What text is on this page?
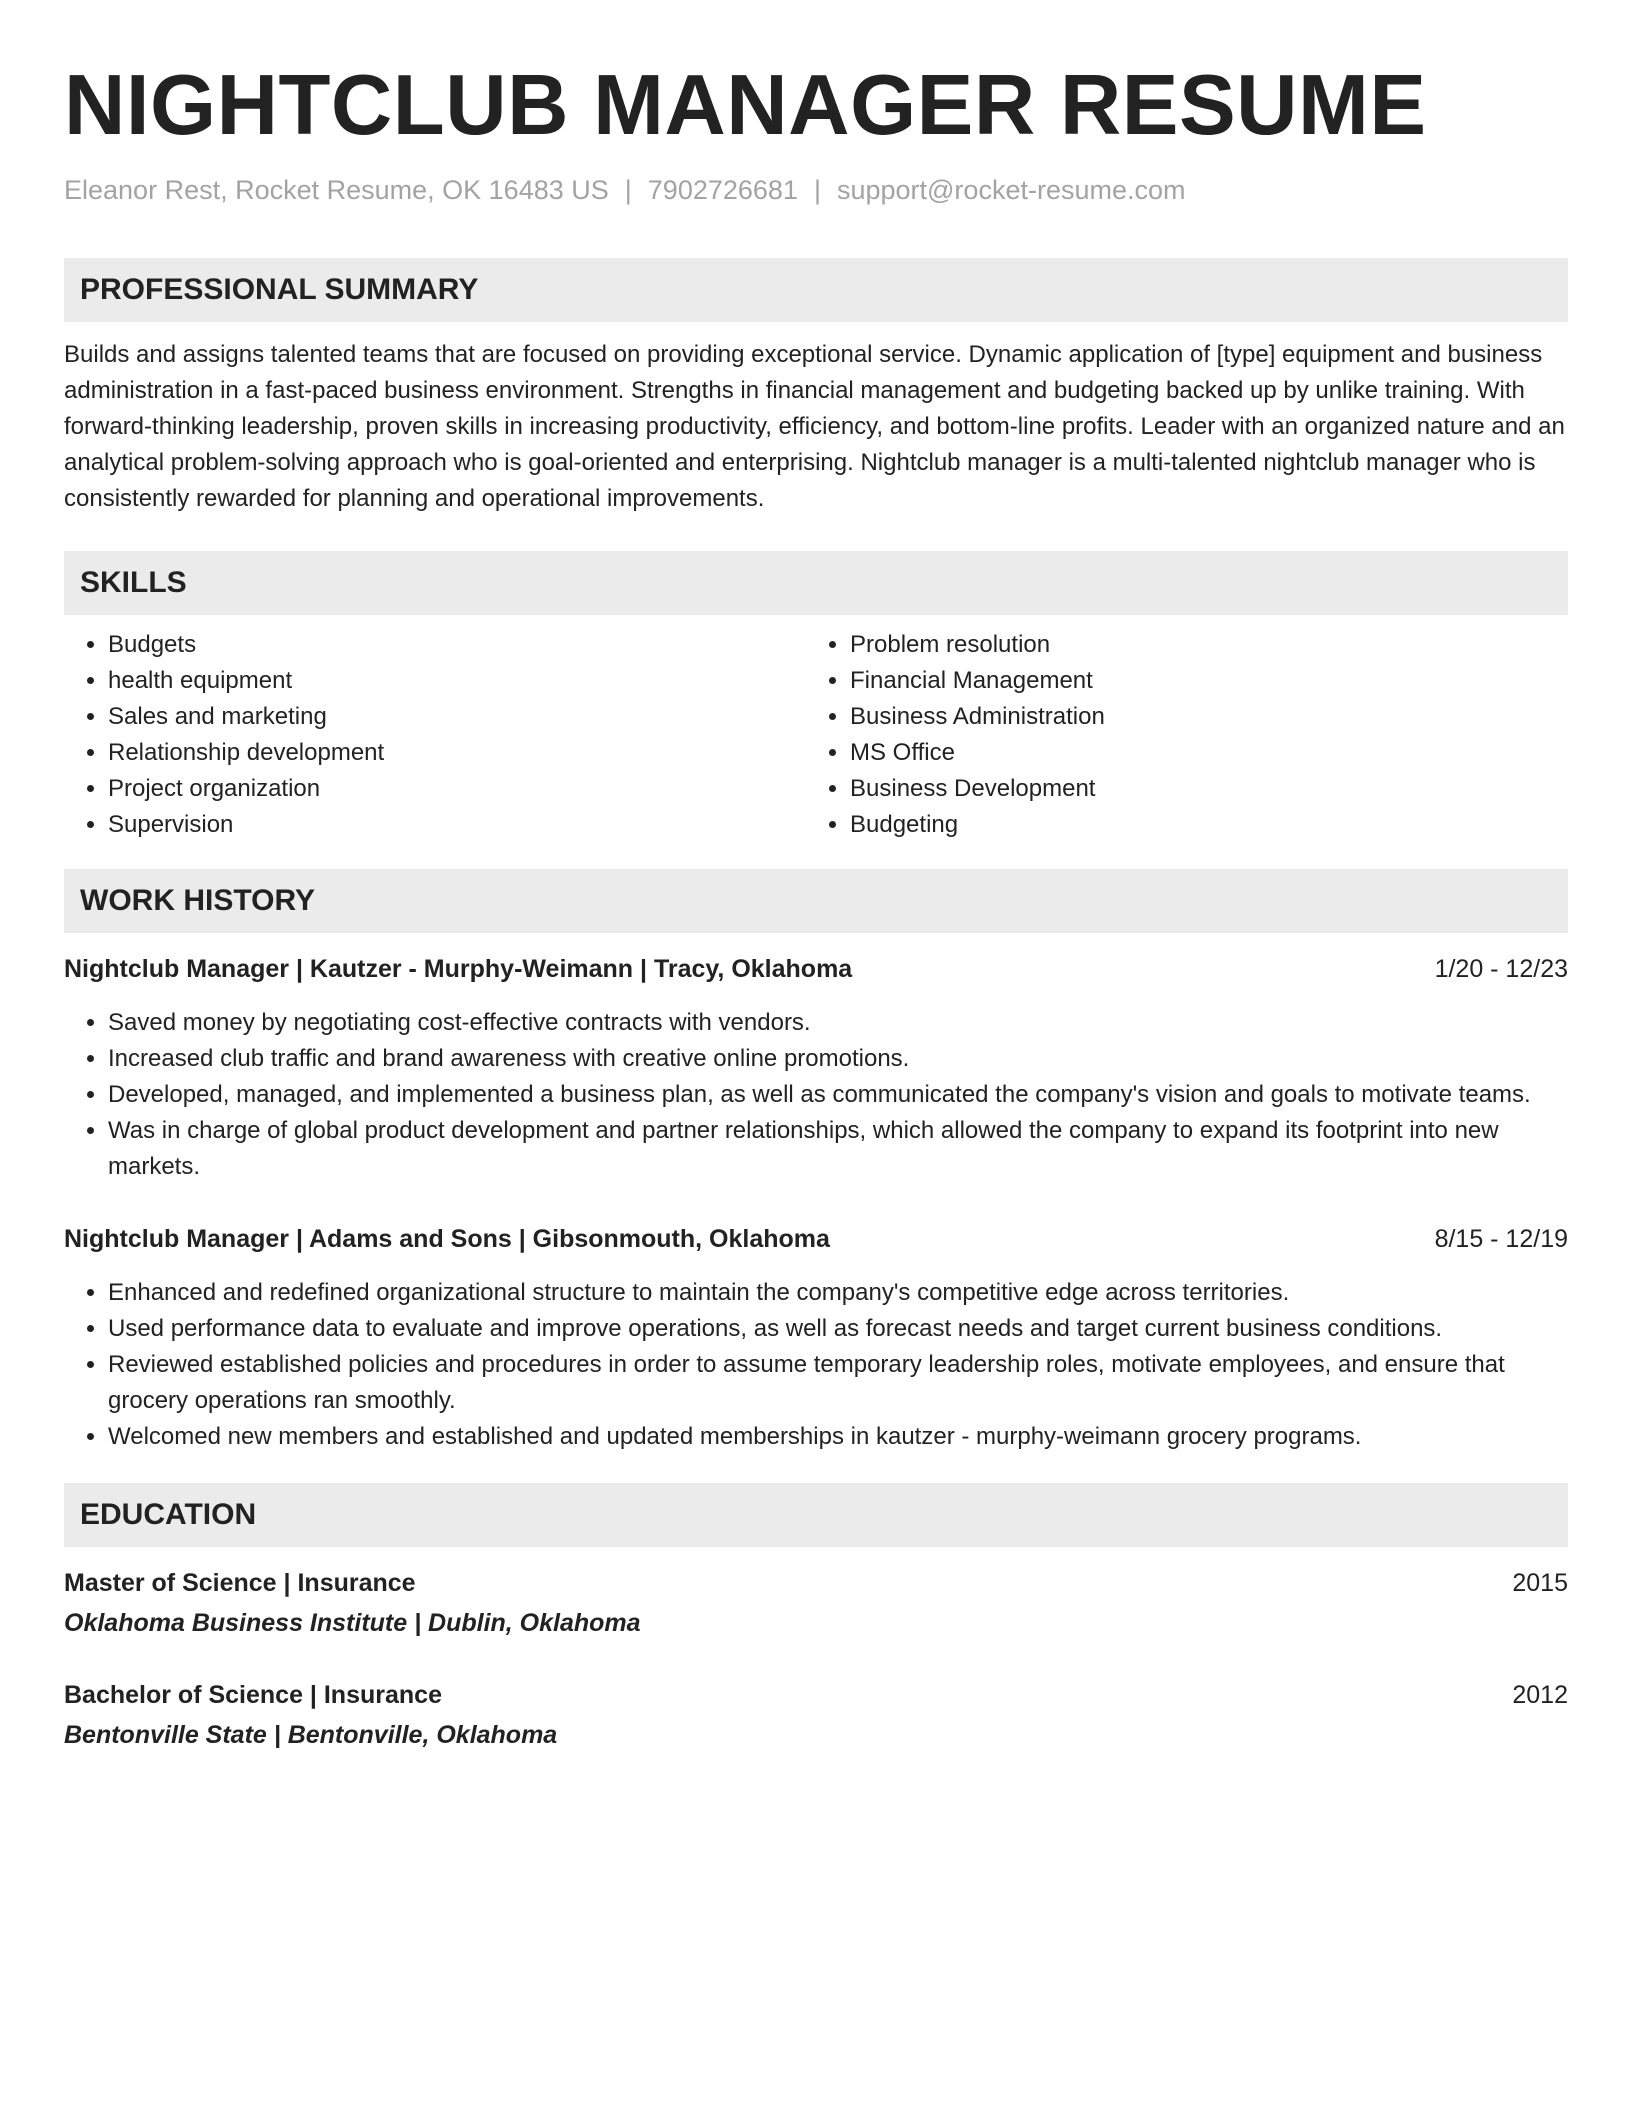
NIGHTCLUB MANAGER RESUME
Eleanor Rest, Rocket Resume, OK 16483 US | 7902726681 | support@rocket-resume.com
PROFESSIONAL SUMMARY

Builds and assigns talented teams that are focused on providing exceptional service. Dynamic application of [type] equipment and business administration in a fast-paced business environment. Strengths in financial management and budgeting backed up by unlike training. With forward-thinking leadership, proven skills in increasing productivity, efficiency, and bottom-line profits. Leader with an organized nature and an analytical problem-solving approach who is goal-oriented and enterprising. Nightclub manager is a multi-talented nightclub manager who is consistently rewarded for planning and operational improvements.

SKILLS
• Budgets
• health equipment
• Sales and marketing
• Relationship development
• Project organization
• Supervision
• Problem resolution
• Financial Management
• Business Administration
• MS Office
• Business Development
• Budgeting
WORK HISTORY
Nightclub Manager | Kautzer - Murphy-Weimann | Tracy, Oklahoma	1/20 - 12/23
• Saved money by negotiating cost-effective contracts with vendors.
• Increased club traffic and brand awareness with creative online promotions.
• Developed, managed, and implemented a business plan, as well as communicated the company's vision and goals to motivate teams.
• Was in charge of global product development and partner relationships, which allowed the company to expand its footprint into new markets.
Nightclub Manager | Adams and Sons | Gibsonmouth, Oklahoma	8/15 - 12/19
• Enhanced and redefined organizational structure to maintain the company's competitive edge across territories.
• Used performance data to evaluate and improve operations, as well as forecast needs and target current business conditions.
• Reviewed established policies and procedures in order to assume temporary leadership roles, motivate employees, and ensure that grocery operations ran smoothly.
• Welcomed new members and established and updated memberships in kautzer - murphy-weimann grocery programs.
EDUCATION
Master of Science | Insurance	2015
Oklahoma Business Institute | Dublin, Oklahoma
Bachelor of Science | Insurance	2012
Bentonville State | Bentonville, Oklahoma
